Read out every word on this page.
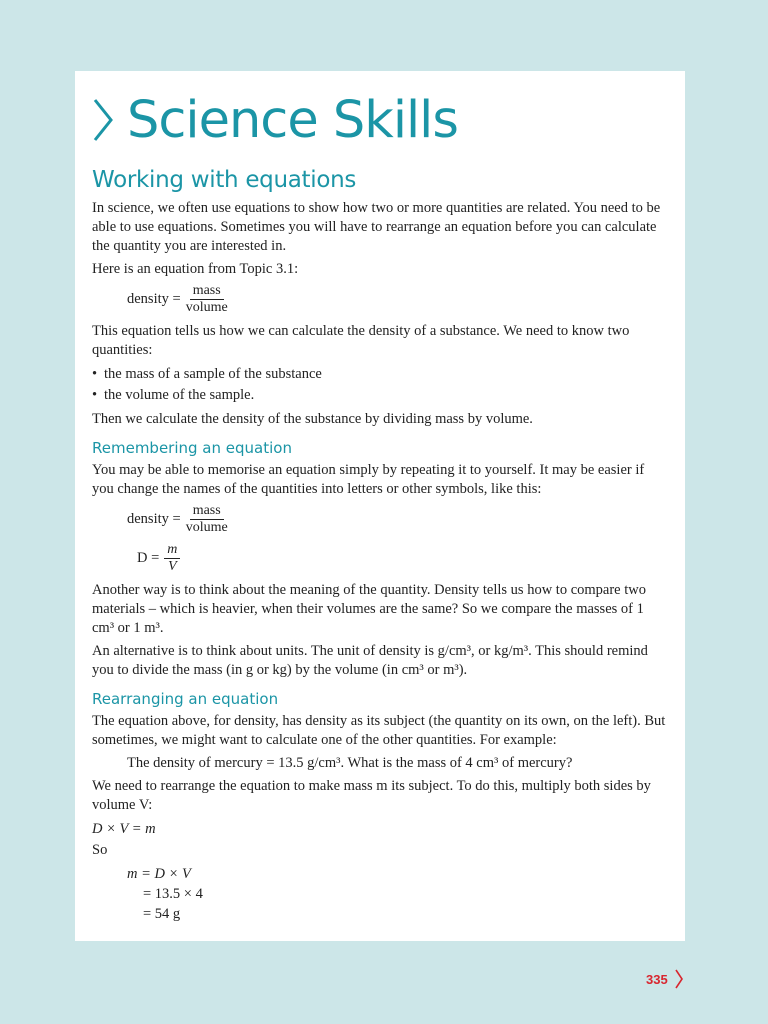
Science Skills
Working with equations

In science, we often use equations to show how two or more quantities are related. You need to be able to use equations. Sometimes you will have to rearrange an equation before you can calculate the quantity you are interested in.

Here is an equation from Topic 3.1:

density = $\frac{\text{mass}}{\text{volume}}$

This equation tells us how we can calculate the density of a substance. We need to know two quantities:

• the mass of a sample of the substance
• the volume of the sample.

Then we calculate the density of the substance by dividing mass by volume.

Remembering an equation

You may be able to memorise an equation simply by repeating it to yourself. It may be easier if you change the names of the quantities into letters or other symbols, like this:

density = $\frac{\text{mass}}{\text{volume}}$
$D = \frac{m}{V}$

Another way is to think about the meaning of the quantity. Density tells us how to compare two materials – which is heavier, when their volumes are the same? So we compare the masses of 1 cm³ or 1 m³.

An alternative is to think about units. The unit of density is g/cm³, or kg/m³. This should remind you to divide the mass (in g or kg) by the volume (in cm³ or m³).

Rearranging an equation

The equation above, for density, has density as its subject (the quantity on its own, on the left). But sometimes, we might want to calculate one of the other quantities. For example:

The density of mercury = 13.5 g/cm³. What is the mass of 4 cm³ of mercury?

We need to rearrange the equation to make mass m its subject. To do this, multiply both sides by volume V:

D × V = m

So

m = D × V
= 13.5 × 4
= 54 g
335
